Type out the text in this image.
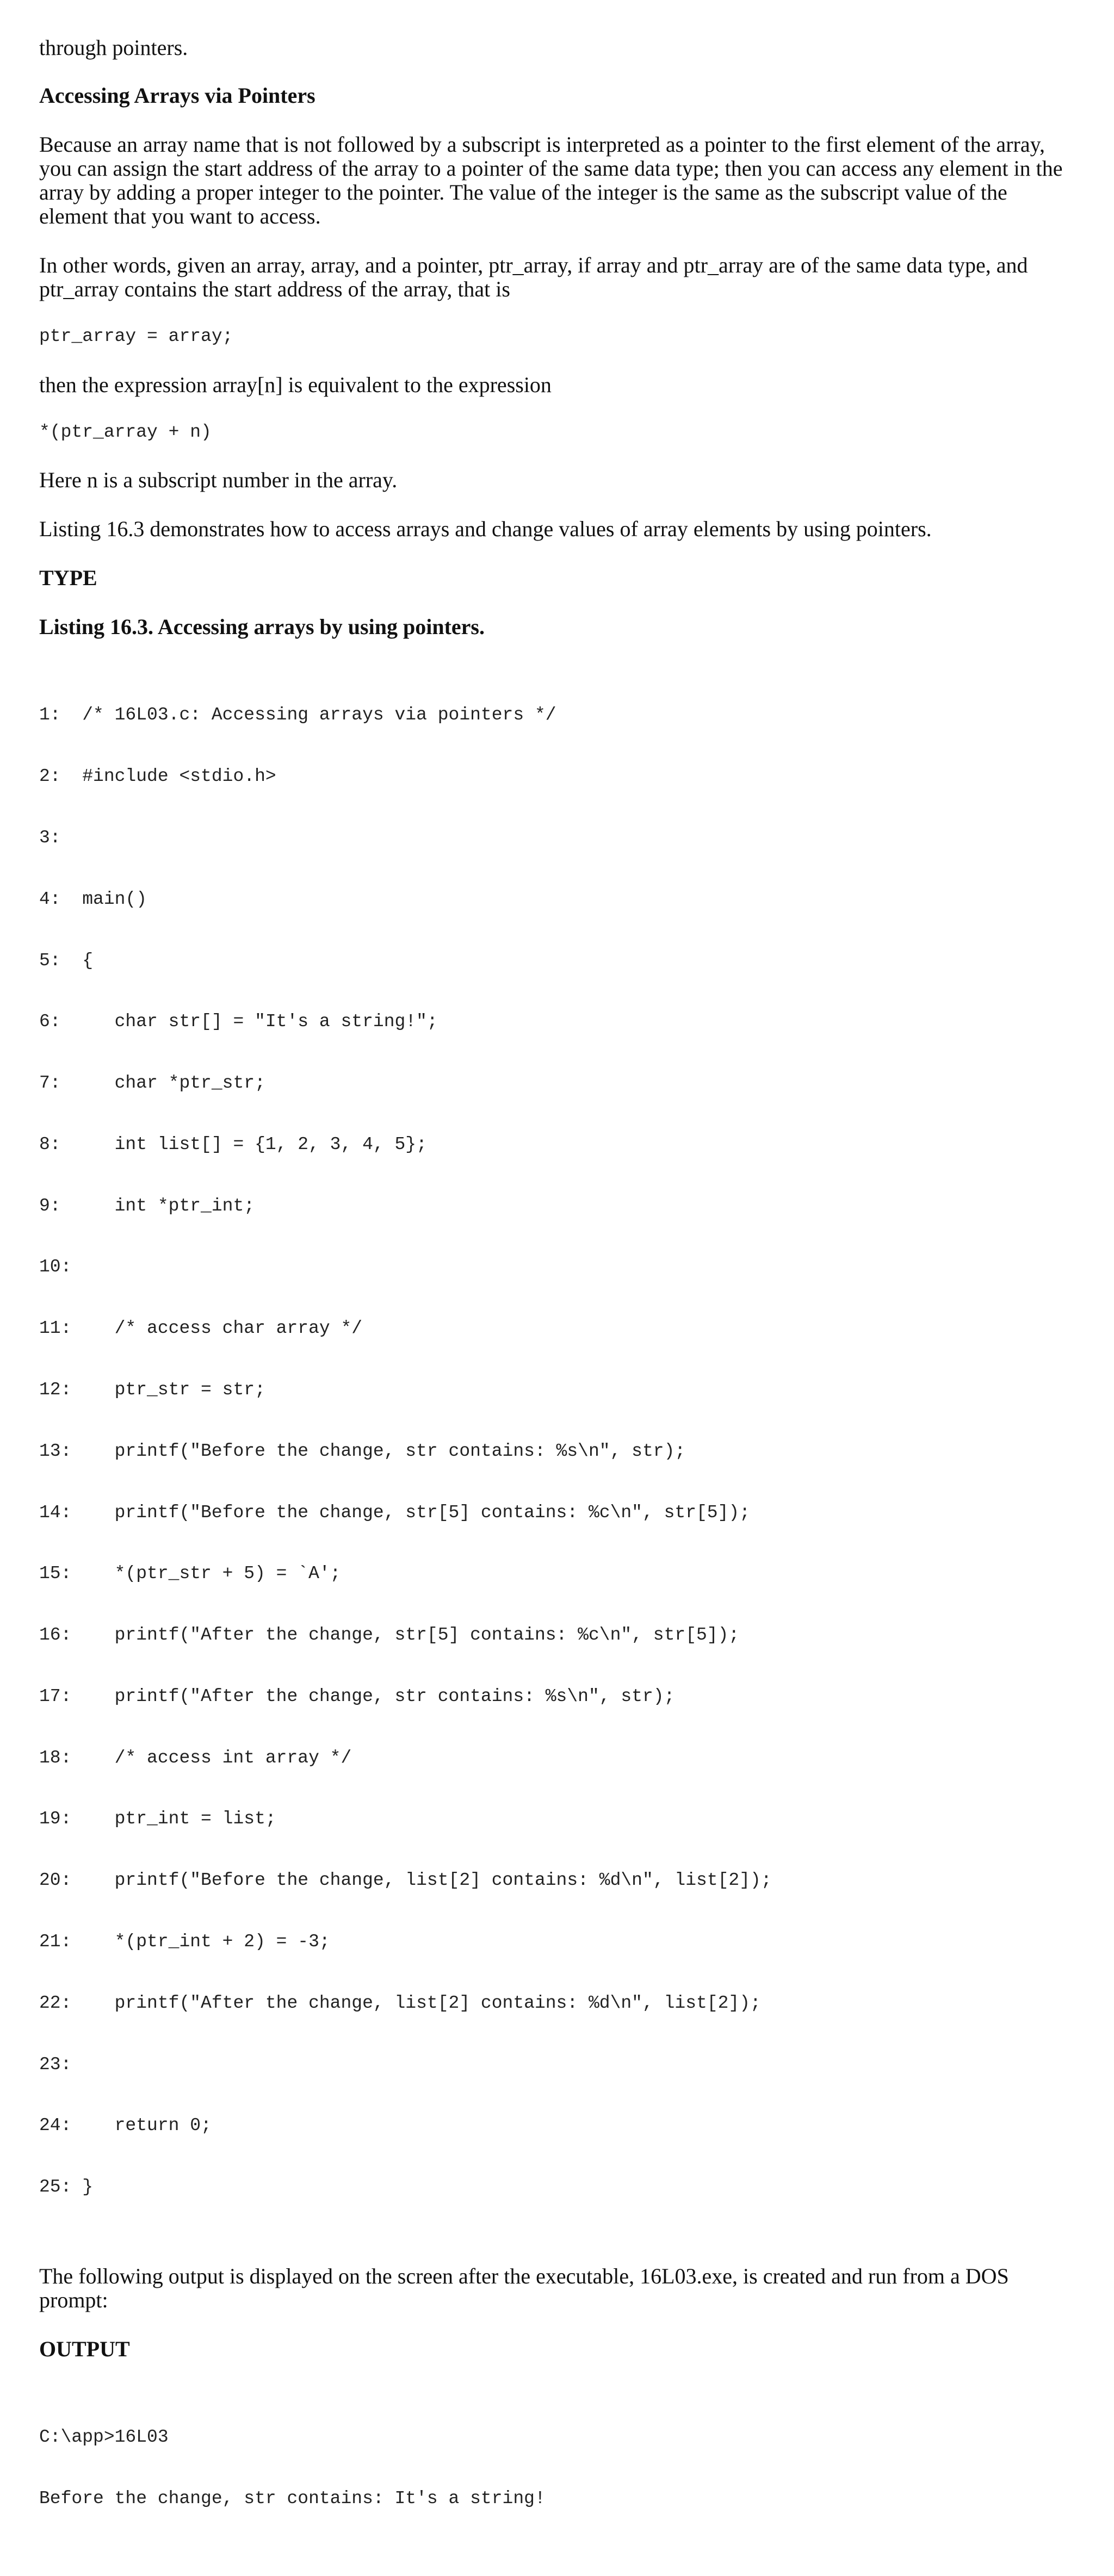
through pointers.

Accessing Arrays via Pointers

Because an array name that is not followed by a subscript is interpreted as a pointer to the first element of the array, you can assign the start address of the array to a pointer of the same data type; then you can access any element in the array by adding a proper integer to the pointer. The value of the integer is the same as the subscript value of the element that you want to access.

In other words, given an array, array, and a pointer, ptr_array, if array and ptr_array are of the same data type, and ptr_array contains the start address of the array, that is

ptr_array = array;

then the expression array[n] is equivalent to the expression

*(ptr_array + n)

Here n is a subscript number in the array.

Listing 16.3 demonstrates how to access arrays and change values of array elements by using pointers.

TYPE

Listing 16.3. Accessing arrays by using pointers.

1:  /* 16L03.c: Accessing arrays via pointers */

2:  #include <stdio.h>

3:

4:  main()

5:  {

6:     char str[] = "It's a string!";

7:     char *ptr_str;

8:     int list[] = {1, 2, 3, 4, 5};

9:     int *ptr_int;

10:

11:    /* access char array */

12:    ptr_str = str;

13:    printf("Before the change, str contains: %s\n", str);

14:    printf("Before the change, str[5] contains: %c\n", str[5]);

15:    *(ptr_str + 5) = `A';

16:    printf("After the change, str[5] contains: %c\n", str[5]);

17:    printf("After the change, str contains: %s\n", str);

18:    /* access int array */

19:    ptr_int = list;

20:    printf("Before the change, list[2] contains: %d\n", list[2]);

21:    *(ptr_int + 2) = -3;

22:    printf("After the change, list[2] contains: %d\n", list[2]);

23:

24:    return 0;

25: }

The following output is displayed on the screen after the executable, 16L03.exe, is created and run from a DOS prompt:

OUTPUT

C:\app>16L03

Before the change, str contains: It's a string!
